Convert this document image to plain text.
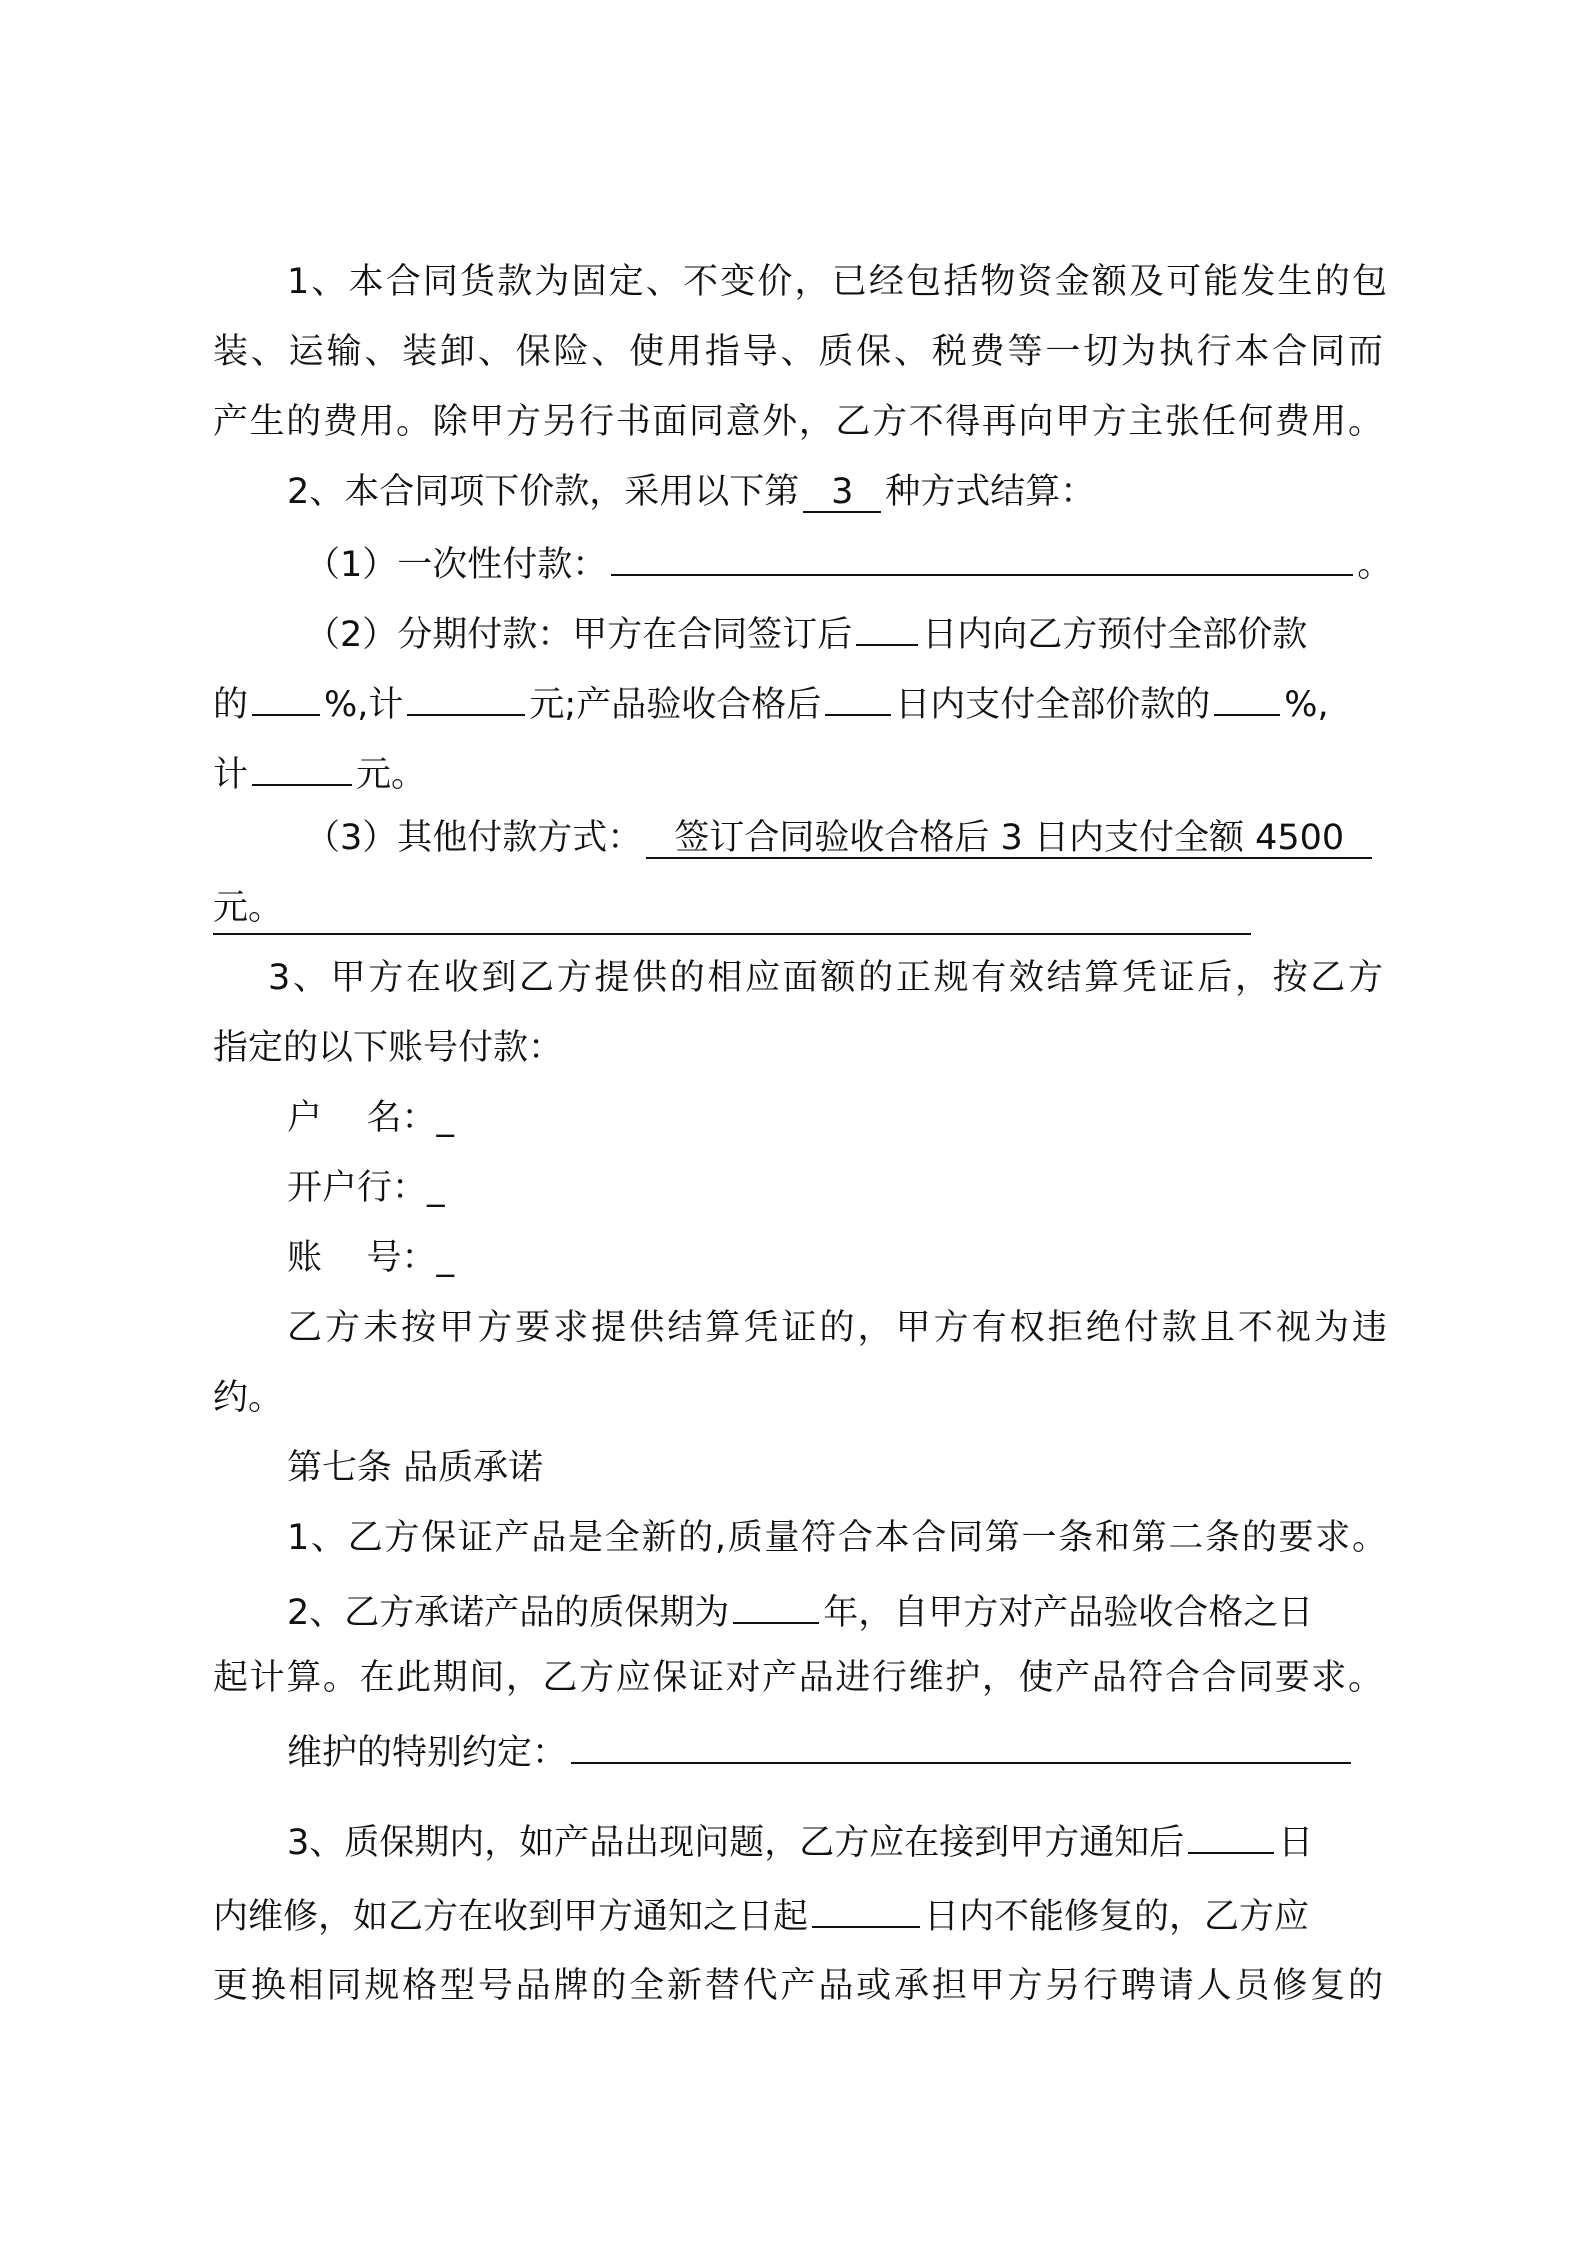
1、本合同货款为固定、不变价，已经包括物资金额及可能发生的包
装、运输、装卸、保险、使用指导、质保、税费等一切为执行本合同而
产生的费用。除甲方另行书面同意外，乙方不得再向甲方主张任何费用。
2、本合同项下价款，采用以下第 3 种方式结算：
（1）一次性付款：	。
（2）分期付款：甲方在合同签订后 日内向乙方预付全部价款
的 %,计	元;产品验收合格后 日内支付全部价款的 %,
计	元。
（3）其他付款方式： 签订合同验收合格后 3 日内支付全额 4500
元。
3、甲方在收到乙方提供的相应面额的正规有效结算凭证后，按乙方
指定的以下账号付款：
户    名：_
开户行：_
账    号：_
乙方未按甲方要求提供结算凭证的，甲方有权拒绝付款且不视为违
约。
第七条 品质承诺
1、乙方保证产品是全新的,质量符合本合同第一条和第二条的要求。
2、乙方承诺产品的质保期为	年，自甲方对产品验收合格之日
起计算。在此期间，乙方应保证对产品进行维护，使产品符合合同要求。
维护的特别约定：
3、质保期内，如产品出现问题，乙方应在接到甲方通知后	日
内维修，如乙方在收到甲方通知之日起	日内不能修复的，乙方应
更换相同规格型号品牌的全新替代产品或承担甲方另行聘请人员修复的
